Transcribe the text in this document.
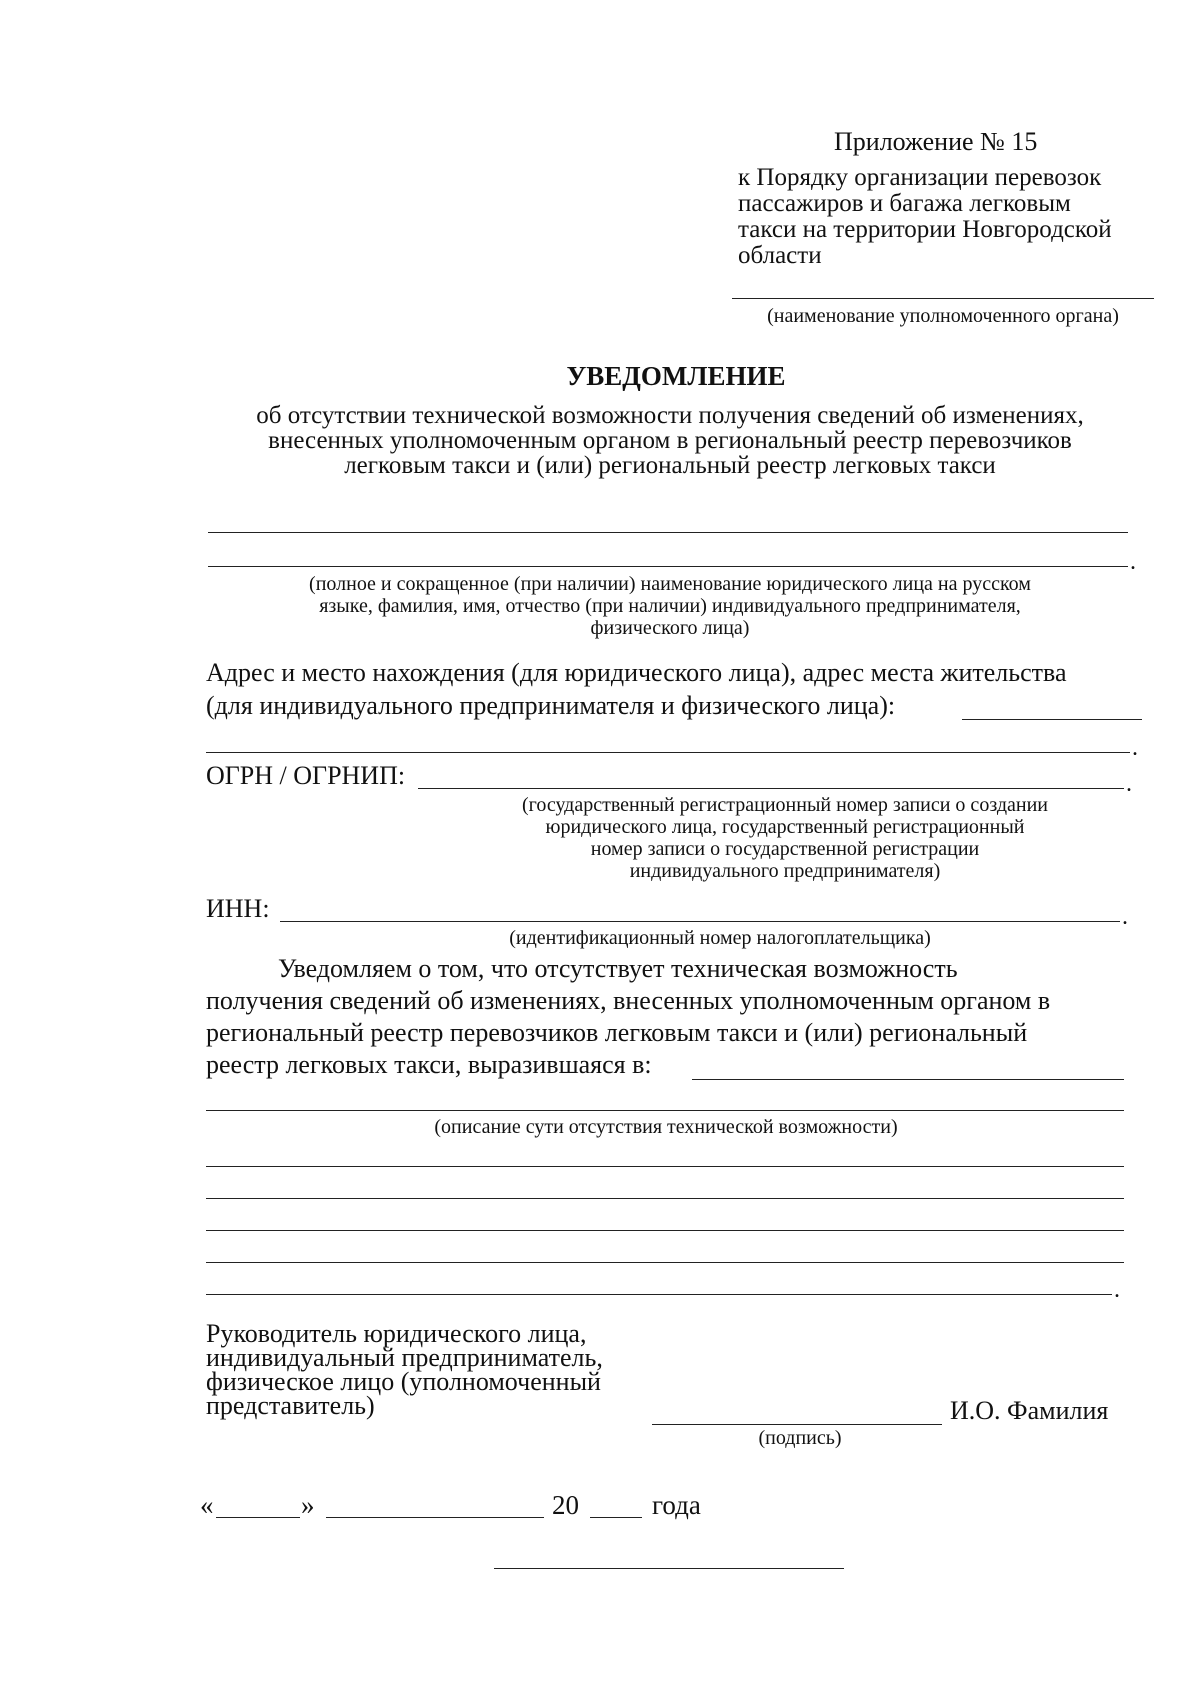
Приложение № 15
к Порядку организации перевозок
пассажиров и багажа легковым
такси на территории Новгородской
области
(наименование уполномоченного органа)
УВЕДОМЛЕНИЕ
об отсутствии технической возможности получения сведений об изменениях,
внесенных уполномоченным органом в региональный реестр перевозчиков
легковым такси и (или) региональный реестр легковых такси
.
(полное и сокращенное (при наличии) наименование юридического лица на русском
языке, фамилия, имя, отчество (при наличии) индивидуального предпринимателя,
физического лица)
Адрес и место нахождения (для юридического лица), адрес места жительства
(для индивидуального предпринимателя и физического лица):
.
ОГРН / ОГРНИП:	.
(государственный регистрационный номер записи о создании
юридического лица, государственный регистрационный
номер записи о государственной регистрации
индивидуального предпринимателя)
ИНН:	.
(идентификационный номер налогоплательщика)
Уведомляем о том, что отсутствует техническая возможность
получения сведений об изменениях, внесенных уполномоченным органом в
региональный реестр перевозчиков легковым такси и (или) региональный
реестр легковых такси, выразившаяся в:
(описание сути отсутствия технической возможности)
.
Руководитель юридического лица,
индивидуальный предприниматель,
физическое лицо (уполномоченный
представитель)	И.О. Фамилия
(подпись)
«	»	20	года
